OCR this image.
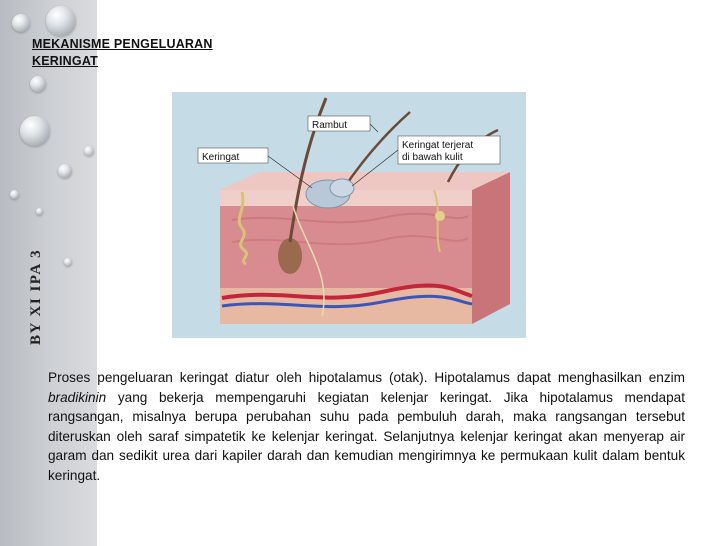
BY XI IPA 3
MEKANISME PENGELUARAN KERINGAT
Rambut
Keringat
Keringat terjerat
di bawah kulit
Proses pengeluaran keringat diatur oleh hipotalamus (otak). Hipotalamus dapat menghasilkan enzim bradikinin yang bekerja mempengaruhi kegiatan kelenjar keringat. Jika hipotalamus mendapat rangsangan, misalnya berupa perubahan suhu pada pembuluh darah, maka rangsangan tersebut diteruskan oleh saraf simpatetik ke kelenjar keringat. Selanjutnya kelenjar keringat akan menyerap air garam dan sedikit urea dari kapiler darah dan kemudian mengirimnya ke permukaan kulit dalam bentuk keringat.
